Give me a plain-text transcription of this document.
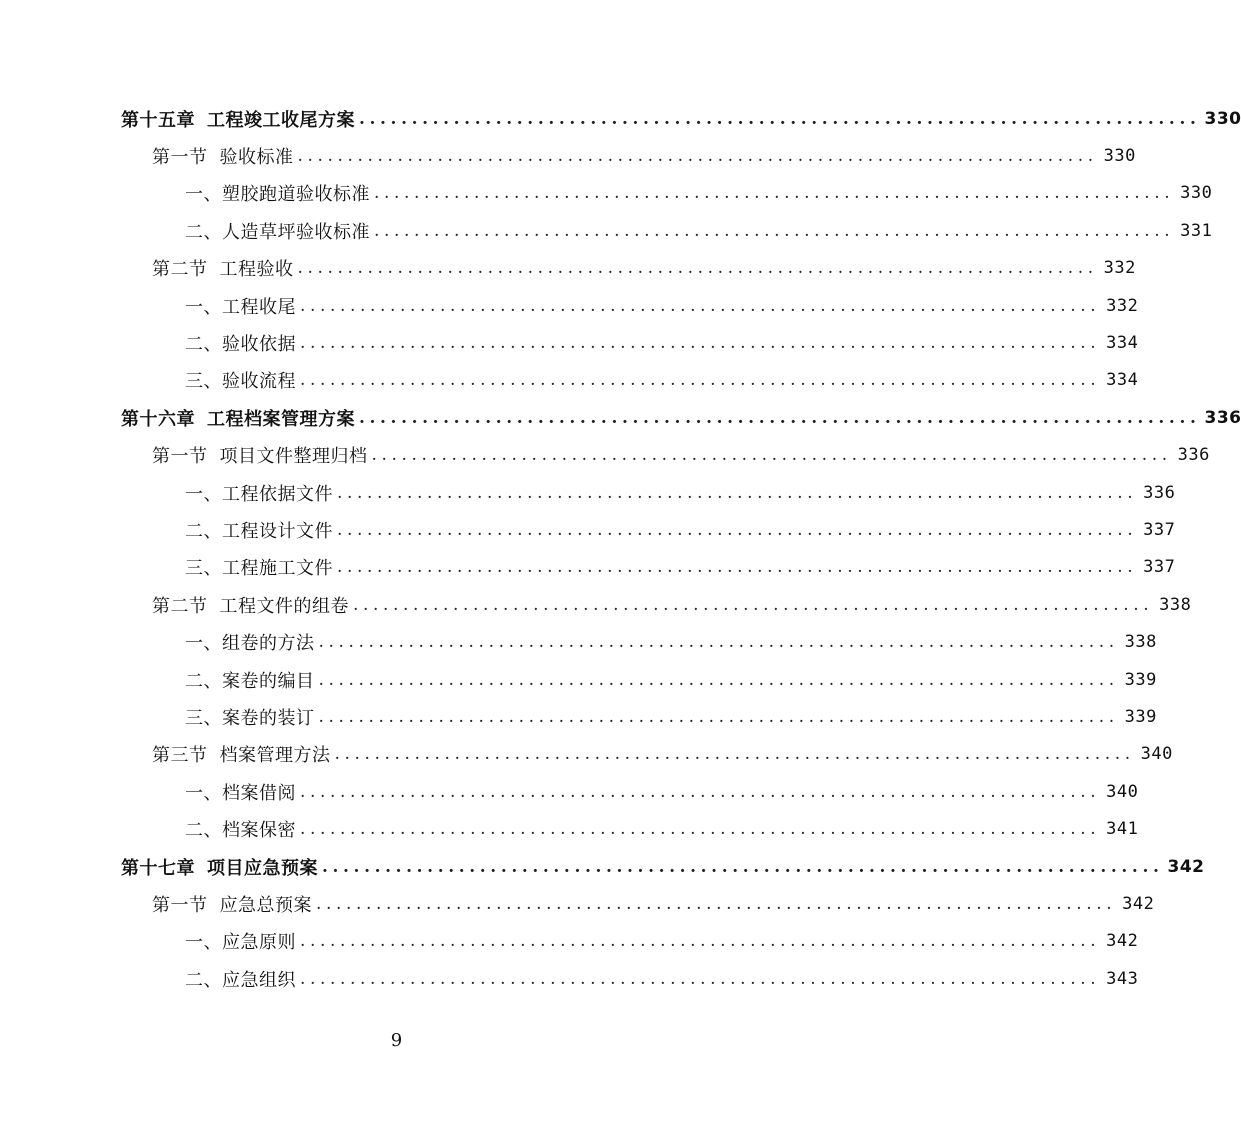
第十五章 工程竣工收尾方案 ................................................................................ 330
第一节 验收标准 ................................................................................ 330
一、塑胶跑道验收标准 ................................................................................ 330
二、人造草坪验收标准 ................................................................................ 331
第二节 工程验收 ................................................................................ 332
一、工程收尾 ................................................................................ 332
二、验收依据 ................................................................................ 334
三、验收流程 ................................................................................ 334
第十六章 工程档案管理方案 ................................................................................ 336
第一节 项目文件整理归档 ................................................................................ 336
一、工程依据文件 ................................................................................ 336
二、工程设计文件 ................................................................................ 337
三、工程施工文件 ................................................................................ 337
第二节 工程文件的组卷 ................................................................................ 338
一、组卷的方法 ................................................................................ 338
二、案卷的编目 ................................................................................ 339
三、案卷的装订 ................................................................................ 339
第三节 档案管理方法 ................................................................................ 340
一、档案借阅 ................................................................................ 340
二、档案保密 ................................................................................ 341
第十七章 项目应急预案 ................................................................................ 342
第一节 应急总预案 ................................................................................ 342
一、应急原则 ................................................................................ 342
二、应急组织 ................................................................................ 343
9
